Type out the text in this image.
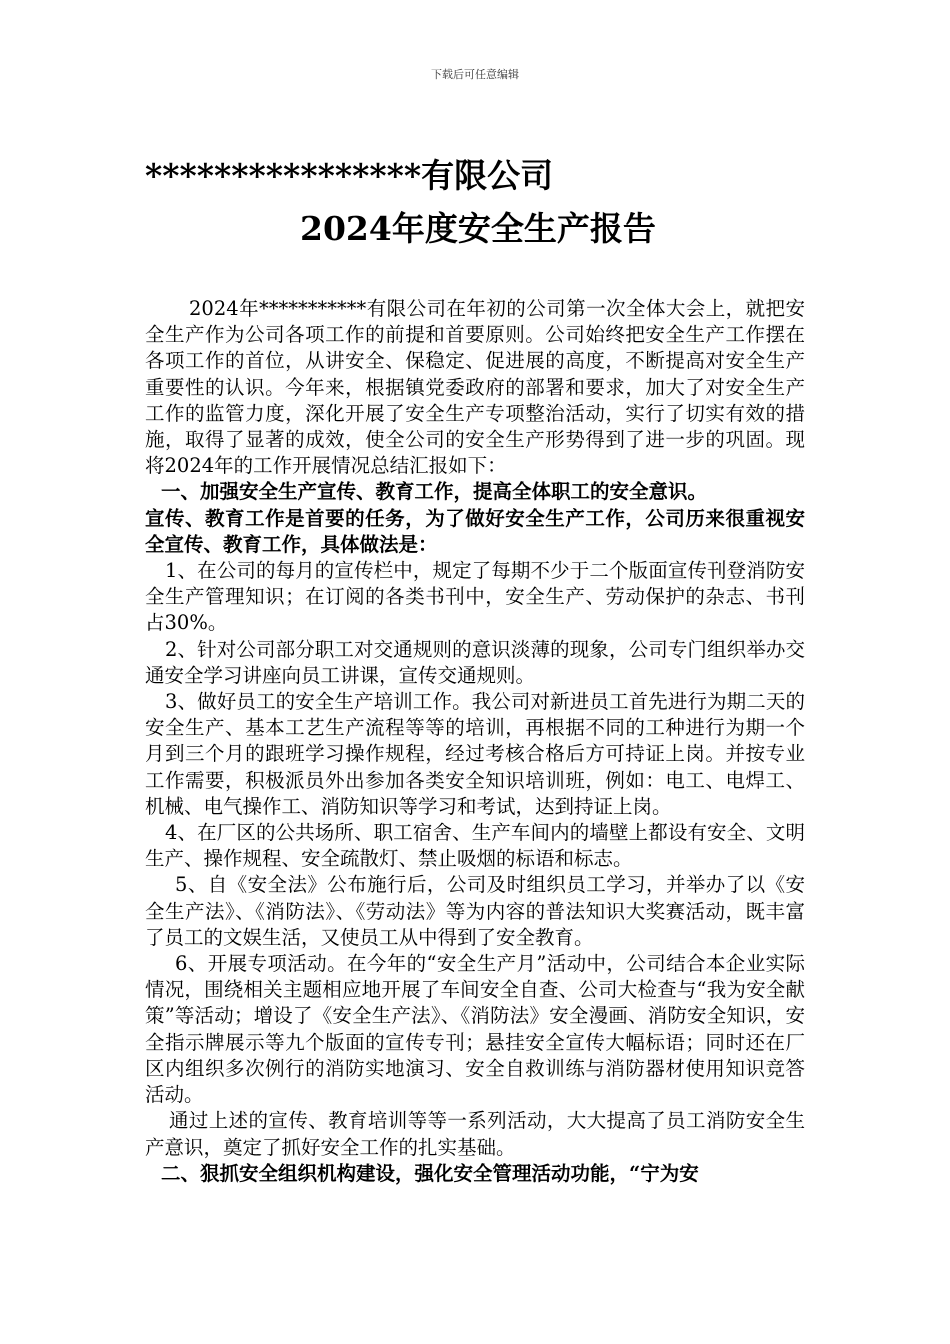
下载后可任意编辑
****************有限公司
2024年度安全生产报告

2024年***********有限公司在年初的公司第一次全体大会上，就把安全生产作为公司各项工作的前提和首要原则。公司始终把安全生产工作摆在各项工作的首位，从讲安全、保稳定、促进展的高度，不断提高对安全生产重要性的认识。今年来，根据镇党委政府的部署和要求，加大了对安全生产工作的监管力度，深化开展了安全生产专项整治活动，实行了切实有效的措施，取得了显著的成效，使全公司的安全生产形势得到了进一步的巩固。现将2024年的工作开展情况总结汇报如下：

一、加强安全生产宣传、教育工作，提高全体职工的安全意识。

宣传、教育工作是首要的任务，为了做好安全生产工作，公司历来很重视安全宣传、教育工作，具体做法是：

1、在公司的每月的宣传栏中，规定了每期不少于二个版面宣传刊登消防安全生产管理知识；在订阅的各类书刊中，安全生产、劳动保护的杂志、书刊占30%。

2、针对公司部分职工对交通规则的意识淡薄的现象，公司专门组织举办交通安全学习讲座向员工讲课，宣传交通规则。

3、做好员工的安全生产培训工作。我公司对新进员工首先进行为期二天的安全生产、基本工艺生产流程等等的培训，再根据不同的工种进行为期一个月到三个月的跟班学习操作规程，经过考核合格后方可持证上岗。并按专业工作需要，积极派员外出参加各类安全知识培训班，例如：电工、电焊工、机械、电气操作工、消防知识等学习和考试，达到持证上岗。

4、在厂区的公共场所、职工宿舍、生产车间内的墙壁上都设有安全、文明生产、操作规程、安全疏散灯、禁止吸烟的标语和标志。

5、自《安全法》公布施行后，公司及时组织员工学习，并举办了以《安全生产法》、《消防法》、《劳动法》等为内容的普法知识大奖赛活动，既丰富了员工的文娱生活，又使员工从中得到了安全教育。

6、开展专项活动。在今年的“安全生产月”活动中，公司结合本企业实际情况，围绕相关主题相应地开展了车间安全自查、公司大检查与“我为安全献策”等活动；增设了《安全生产法》、《消防法》安全漫画、消防安全知识，安全指示牌展示等九个版面的宣传专刊；悬挂安全宣传大幅标语；同时还在厂区内组织多次例行的消防实地演习、安全自救训练与消防器材使用知识竞答活动。

通过上述的宣传、教育培训等等一系列活动，大大提高了员工消防安全生产意识，奠定了抓好安全工作的扎实基础。

二、狠抓安全组织机构建设，强化安全管理活动功能，“宁为安
